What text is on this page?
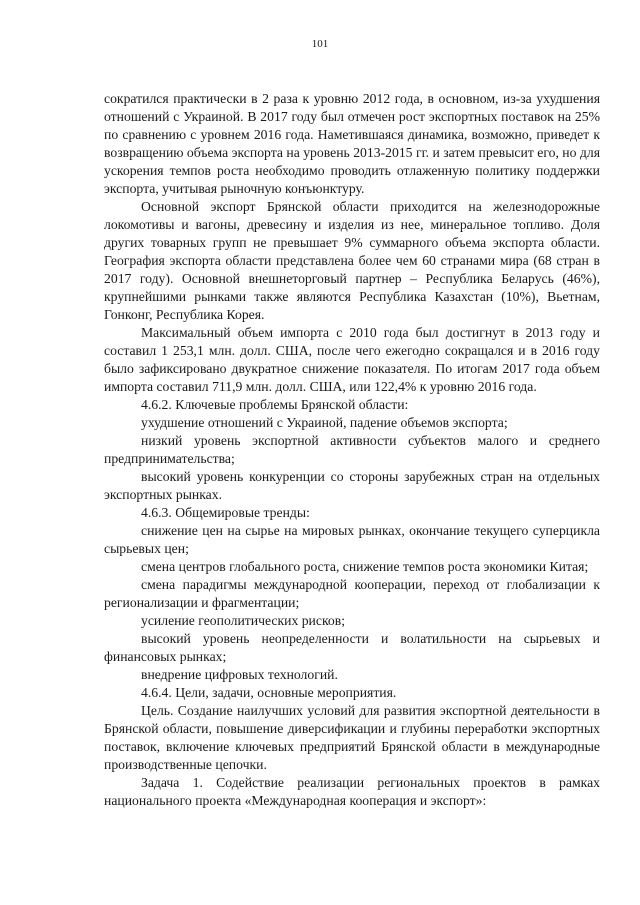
101

сократился практически в 2 раза к уровню 2012 года, в основном, из-за ухудшения отношений с Украиной. В 2017 году был отмечен рост экспортных поставок на 25% по сравнению с уровнем 2016 года. Наметившаяся динамика, возможно, приведет к возвращению объема экспорта на уровень 2013-2015 гг. и затем превысит его, но для ускорения темпов роста необходимо проводить отлаженную политику поддержки экспорта, учитывая рыночную конъюнктуру.

Основной экспорт Брянской области приходится на железнодорожные локомотивы и вагоны, древесину и изделия из нее, минеральное топливо. Доля других товарных групп не превышает 9% суммарного объема экспорта области. География экспорта области представлена более чем 60 странами мира (68 стран в 2017 году). Основной внешнеторговый партнер – Республика Беларусь (46%), крупнейшими рынками также являются Республика Казахстан (10%), Вьетнам, Гонконг, Республика Корея.

Максимальный объем импорта с 2010 года был достигнут в 2013 году и составил 1 253,1 млн. долл. США, после чего ежегодно сокращался и в 2016 году было зафиксировано двукратное снижение показателя. По итогам 2017 года объем импорта составил 711,9 млн. долл. США, или 122,4% к уровню 2016 года.

4.6.2. Ключевые проблемы Брянской области:

ухудшение отношений с Украиной, падение объемов экспорта;

низкий уровень экспортной активности субъектов малого и среднего предпринимательства;

высокий уровень конкуренции со стороны зарубежных стран на отдельных экспортных рынках.

4.6.3. Общемировые тренды:

снижение цен на сырье на мировых рынках, окончание текущего суперцикла сырьевых цен;

смена центров глобального роста, снижение темпов роста экономики Китая;

смена парадигмы международной кооперации, переход от глобализации к регионализации и фрагментации;

усиление геополитических рисков;

высокий уровень неопределенности и волатильности на сырьевых и финансовых рынках;

внедрение цифровых технологий.

4.6.4. Цели, задачи, основные мероприятия.

Цель. Создание наилучших условий для развития экспортной деятельности в Брянской области, повышение диверсификации и глубины переработки экспортных поставок, включение ключевых предприятий Брянской области в международные производственные цепочки.

Задача 1. Содействие реализации региональных проектов в рамках национального проекта «Международная кооперация и экспорт»:
